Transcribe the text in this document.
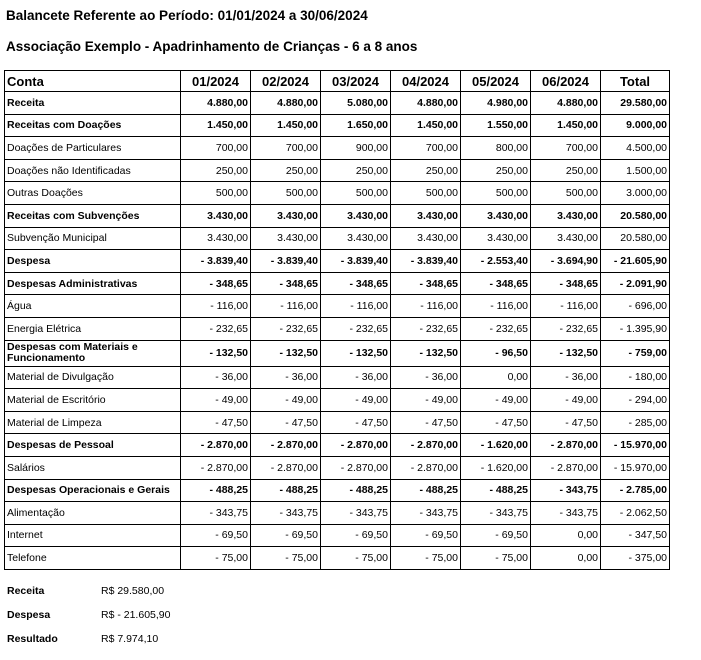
Balancete Referente ao Período: 01/01/2024 a 30/06/2024
Associação Exemplo - Apadrinhamento de Crianças - 6 a 8 anos
Conta	01/2024	02/2024	03/2024	04/2024	05/2024	06/2024	Total
Receita	4.880,00	4.880,00	5.080,00	4.880,00	4.980,00	4.880,00	29.580,00
Receitas com Doações	1.450,00	1.450,00	1.650,00	1.450,00	1.550,00	1.450,00	9.000,00
Doações de Particulares	700,00	700,00	900,00	700,00	800,00	700,00	4.500,00
Doações não Identificadas	250,00	250,00	250,00	250,00	250,00	250,00	1.500,00
Outras Doações	500,00	500,00	500,00	500,00	500,00	500,00	3.000,00
Receitas com Subvenções	3.430,00	3.430,00	3.430,00	3.430,00	3.430,00	3.430,00	20.580,00
Subvenção Municipal	3.430,00	3.430,00	3.430,00	3.430,00	3.430,00	3.430,00	20.580,00
Despesa	- 3.839,40	- 3.839,40	- 3.839,40	- 3.839,40	- 2.553,40	- 3.694,90	- 21.605,90
Despesas Administrativas	- 348,65	- 348,65	- 348,65	- 348,65	- 348,65	- 348,65	- 2.091,90
Água	- 116,00	- 116,00	- 116,00	- 116,00	- 116,00	- 116,00	- 696,00
Energia Elétrica	- 232,65	- 232,65	- 232,65	- 232,65	- 232,65	- 232,65	- 1.395,90
Despesas com Materiais e Funcionamento	- 132,50	- 132,50	- 132,50	- 132,50	- 96,50	- 132,50	- 759,00
Material de Divulgação	- 36,00	- 36,00	- 36,00	- 36,00	0,00	- 36,00	- 180,00
Material de Escritório	- 49,00	- 49,00	- 49,00	- 49,00	- 49,00	- 49,00	- 294,00
Material de Limpeza	- 47,50	- 47,50	- 47,50	- 47,50	- 47,50	- 47,50	- 285,00
Despesas de Pessoal	- 2.870,00	- 2.870,00	- 2.870,00	- 2.870,00	- 1.620,00	- 2.870,00	- 15.970,00
Salários	- 2.870,00	- 2.870,00	- 2.870,00	- 2.870,00	- 1.620,00	- 2.870,00	- 15.970,00
Despesas Operacionais e Gerais	- 488,25	- 488,25	- 488,25	- 488,25	- 488,25	- 343,75	- 2.785,00
Alimentação	- 343,75	- 343,75	- 343,75	- 343,75	- 343,75	- 343,75	- 2.062,50
Internet	- 69,50	- 69,50	- 69,50	- 69,50	- 69,50	0,00	- 347,50
Telefone	- 75,00	- 75,00	- 75,00	- 75,00	- 75,00	0,00	- 375,00
Receita	R$ 29.580,00
Despesa	R$ - 21.605,90
Resultado	R$ 7.974,10
